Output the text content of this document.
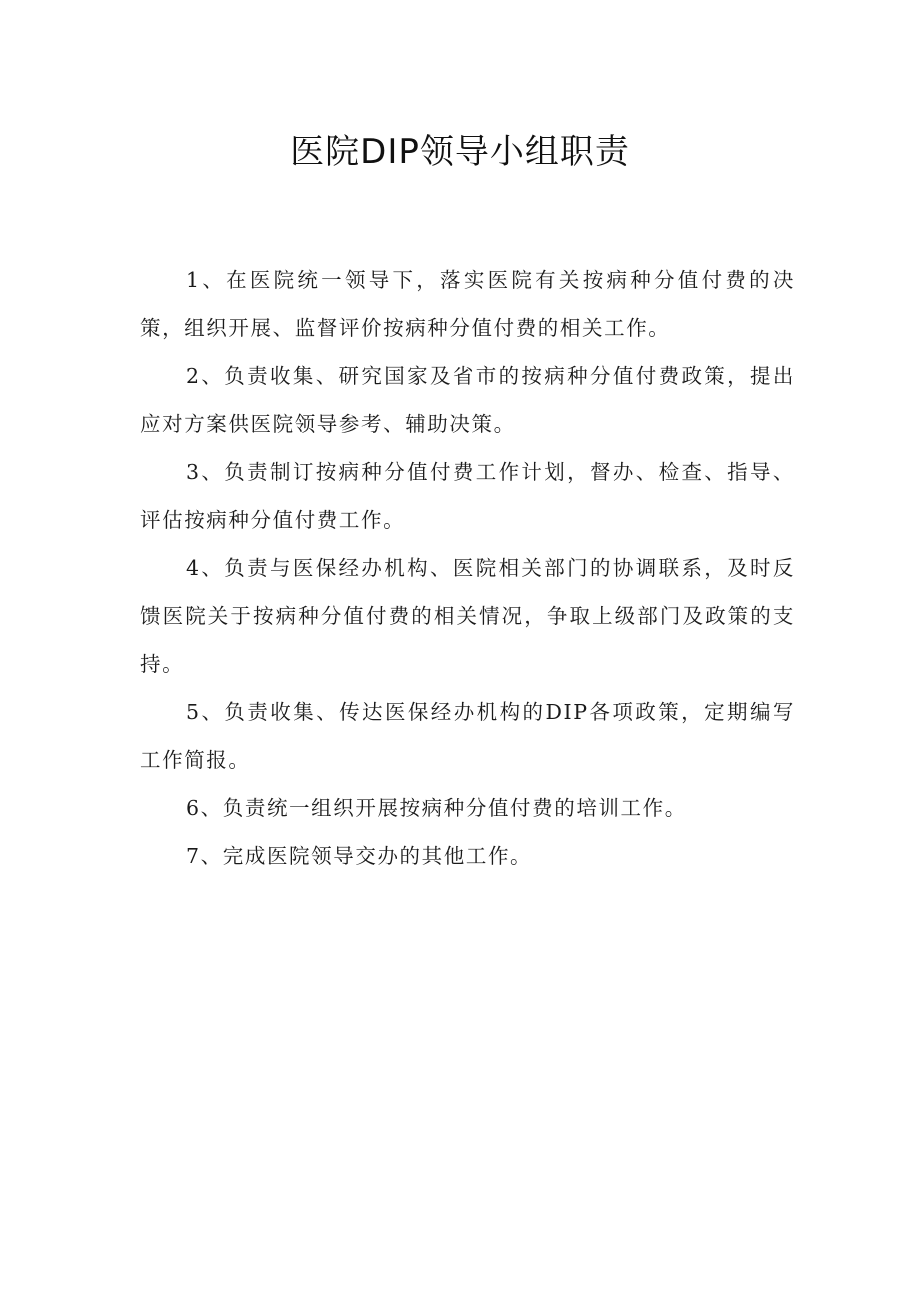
医院DIP领导小组职责

1、在医院统一领导下，落实医院有关按病种分值付费的决策，组织开展、监督评价按病种分值付费的相关工作。

2、负责收集、研究国家及省市的按病种分值付费政策，提出应对方案供医院领导参考、辅助决策。

3、负责制订按病种分值付费工作计划，督办、检查、指导、评估按病种分值付费工作。

4、负责与医保经办机构、医院相关部门的协调联系，及时反馈医院关于按病种分值付费的相关情况，争取上级部门及政策的支持。

5、负责收集、传达医保经办机构的DIP各项政策，定期编写工作简报。

6、负责统一组织开展按病种分值付费的培训工作。

7、完成医院领导交办的其他工作。
